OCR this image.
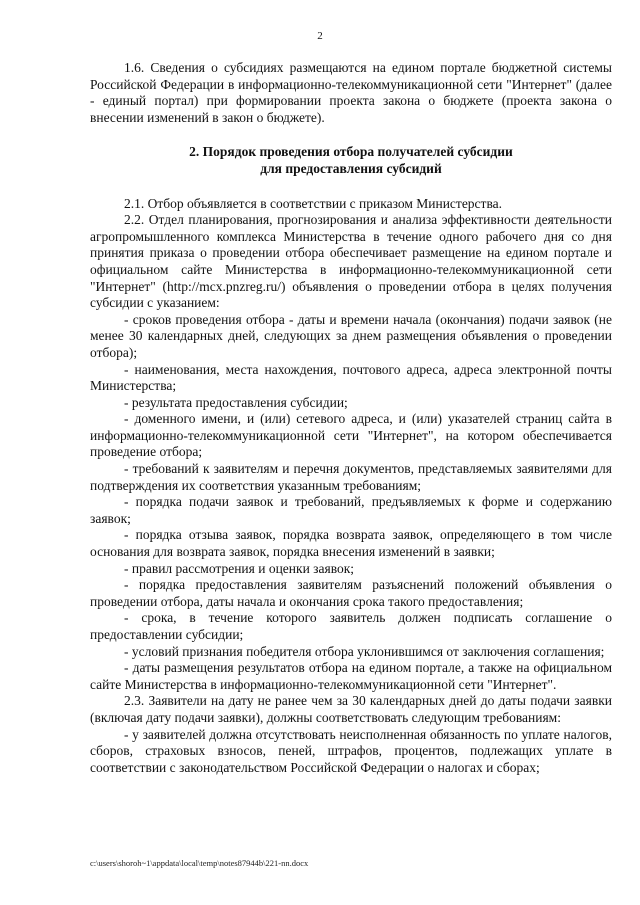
2

1.6. Сведения о субсидиях размещаются на едином портале бюджетной системы Российской Федерации в информационно-телекоммуникационной сети "Интернет" (далее - единый портал) при формировании проекта закона о бюджете (проекта закона о внесении изменений в закон о бюджете).

2. Порядок проведения отбора получателей субсидии
для предоставления субсидий

2.1. Отбор объявляется в соответствии с приказом Министерства.

2.2. Отдел планирования, прогнозирования и анализа эффективности деятельности агропромышленного комплекса Министерства в течение одного рабочего дня со дня принятия приказа о проведении отбора обеспечивает размещение на едином портале и официальном сайте Министерства в информационно-телекоммуникационной сети "Интернет" (http://mcx.pnzreg.ru/) объявления о проведении отбора в целях получения субсидии с указанием:

- сроков проведения отбора - даты и времени начала (окончания) подачи заявок (не менее 30 календарных дней, следующих за днем размещения объявления о проведении отбора);

- наименования, места нахождения, почтового адреса, адреса электронной почты Министерства;

- результата предоставления субсидии;

- доменного имени, и (или) сетевого адреса, и (или) указателей страниц сайта в информационно-телекоммуникационной сети "Интернет", на котором обеспечивается проведение отбора;

- требований к заявителям и перечня документов, представляемых заявителями для подтверждения их соответствия указанным требованиям;

- порядка подачи заявок и требований, предъявляемых к форме и содержанию заявок;

- порядка отзыва заявок, порядка возврата заявок, определяющего в том числе основания для возврата заявок, порядка внесения изменений в заявки;

- правил рассмотрения и оценки заявок;

- порядка предоставления заявителям разъяснений положений объявления о проведении отбора, даты начала и окончания срока такого предоставления;

- срока, в течение которого заявитель должен подписать соглашение о предоставлении субсидии;

- условий признания победителя отбора уклонившимся от заключения соглашения;

- даты размещения результатов отбора на едином портале, а также на официальном сайте Министерства в информационно-телекоммуникационной сети "Интернет".

2.3. Заявители на дату не ранее чем за 30 календарных дней до даты подачи заявки (включая дату подачи заявки), должны соответствовать следующим требованиям:

- у заявителей должна отсутствовать неисполненная обязанность по уплате налогов, сборов, страховых взносов, пеней, штрафов, процентов, подлежащих уплате в соответствии с законодательством Российской Федерации о налогах и сборах;

c:\users\shoroh~1\appdata\local\temp\notes87944b\221-nn.docx
